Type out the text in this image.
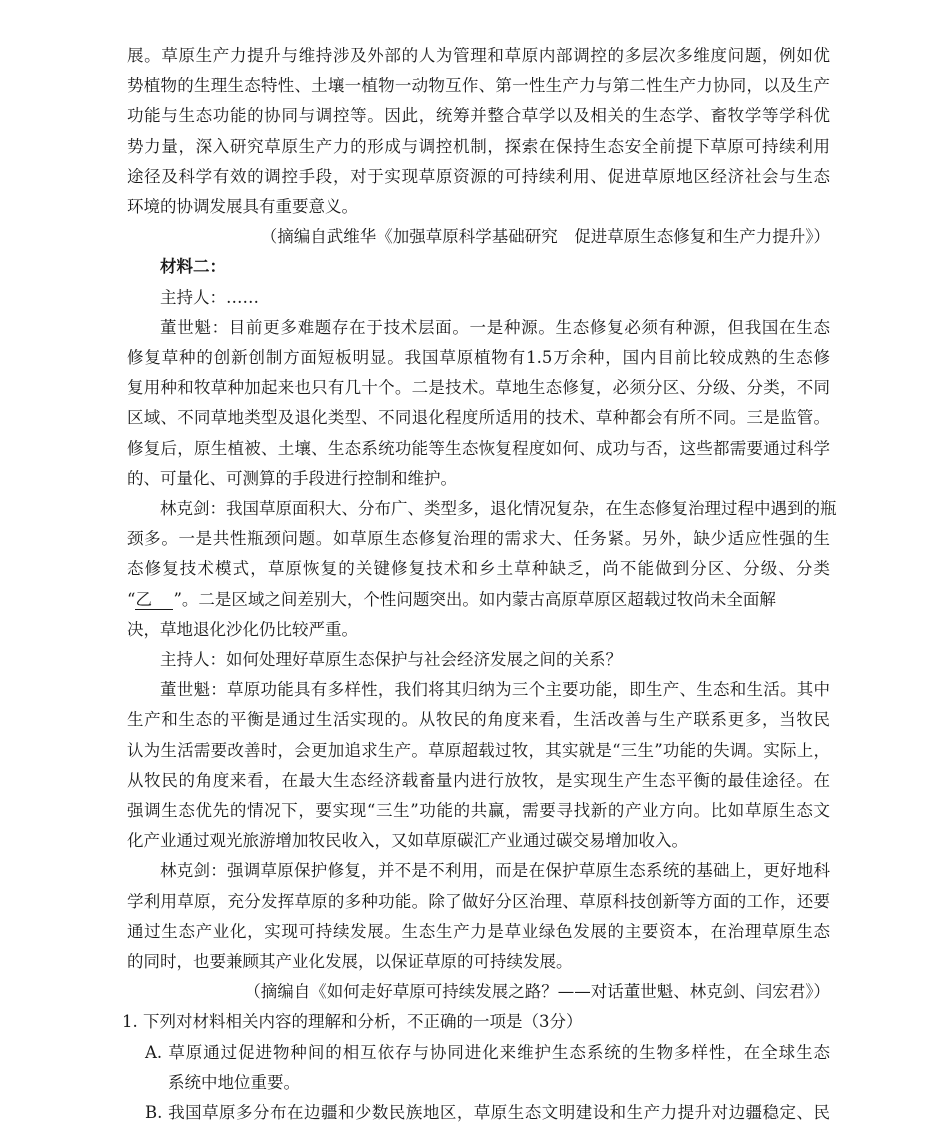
展。草原生产力提升与维持涉及外部的人为管理和草原内部调控的多层次多维度问题，例如优
势植物的生理生态特性、土壤一植物一动物互作、第一性生产力与第二性生产力协同，以及生产
功能与生态功能的协同与调控等。因此，统筹并整合草学以及相关的生态学、畜牧学等学科优
势力量，深入研究草原生产力的形成与调控机制，探索在保持生态安全前提下草原可持续利用
途径及科学有效的调控手段，对于实现草原资源的可持续利用、促进草原地区经济社会与生态
环境的协调发展具有重要意义。
（摘编自武维华《加强草原科学基础研究　促进草原生态修复和生产力提升》）
材料二：
主持人：……
董世魁：目前更多难题存在于技术层面。一是种源。生态修复必须有种源，但我国在生态
修复草种的创新创制方面短板明显。我国草原植物有1.5万余种，国内目前比较成熟的生态修
复用种和牧草种加起来也只有几十个。二是技术。草地生态修复，必须分区、分级、分类，不同
区域、不同草地类型及退化类型、不同退化程度所适用的技术、草种都会有所不同。三是监管。
修复后，原生植被、土壤、生态系统功能等生态恢复程度如何、成功与否，这些都需要通过科学
的、可量化、可测算的手段进行控制和维护。
林克剑：我国草原面积大、分布广、类型多，退化情况复杂，在生态修复治理过程中遇到的瓶
颈多。一是共性瓶颈问题。如草原生态修复治理的需求大、任务紧。另外，缺少适应性强的生
态修复技术模式，草原恢复的关键修复技术和乡土草种缺乏，尚不能做到分区、分级、分类
“乙 ”。二是区域之间差别大，个性问题突出。如内蒙古高原草原区超载过牧尚未全面解
决，草地退化沙化仍比较严重。
主持人：如何处理好草原生态保护与社会经济发展之间的关系？
董世魁：草原功能具有多样性，我们将其归纳为三个主要功能，即生产、生态和生活。其中
生产和生态的平衡是通过生活实现的。从牧民的角度来看，生活改善与生产联系更多，当牧民
认为生活需要改善时，会更加追求生产。草原超载过牧，其实就是“三生”功能的失调。实际上，
从牧民的角度来看，在最大生态经济载畜量内进行放牧，是实现生产生态平衡的最佳途径。在
强调生态优先的情况下，要实现“三生”功能的共赢，需要寻找新的产业方向。比如草原生态文
化产业通过观光旅游增加牧民收入，又如草原碳汇产业通过碳交易增加收入。
林克剑：强调草原保护修复，并不是不利用，而是在保护草原生态系统的基础上，更好地科
学利用草原，充分发挥草原的多种功能。除了做好分区治理、草原科技创新等方面的工作，还要
通过生态产业化，实现可持续发展。生态生产力是草业绿色发展的主要资本，在治理草原生态
的同时，也要兼顾其产业化发展，以保证草原的可持续发展。
（摘编自《如何走好草原可持续发展之路？——对话董世魁、林克剑、闫宏君》）
1. 下列对材料相关内容的理解和分析，不正确的一项是（3分）
A. 草原通过促进物种间的相互依存与协同进化来维护生态系统的生物多样性，在全球生态
系统中地位重要。
B. 我国草原多分布在边疆和少数民族地区，草原生态文明建设和生产力提升对边疆稳定、民
